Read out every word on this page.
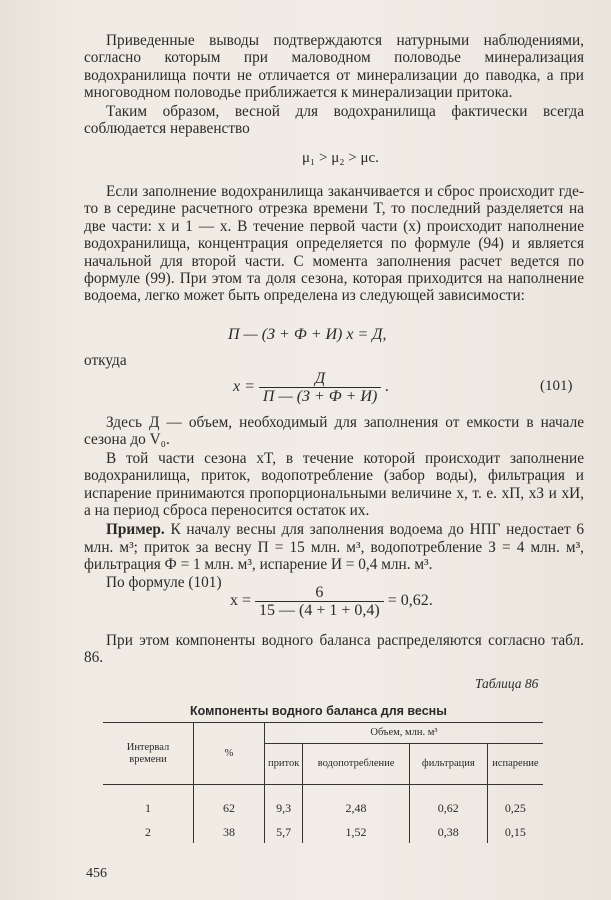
Приведенные выводы подтверждаются натурными наблюдениями, согласно которым при маловодном половодье минерализация водохранилища почти не отличается от минерализации до паводка, а при многоводном половодье приближается к минерализации притока.

Таким образом, весной для водохранилища фактически всегда соблюдается неравенство

μ₁ > μ₂ > μc.

Если заполнение водохранилища заканчивается и сброс происходит где-то в середине расчетного отрезка времени T, то последний разделяется на две части: x и 1 — x. В течение первой части (x) происходит наполнение водохранилища, концентрация определяется по формуле (94) и является начальной для второй части. С момента заполнения расчет ведется по формуле (99). При этом та доля сезона, которая приходится на наполнение водоема, легко может быть определена из следующей зависимости:

П — (З + Ф + И) x = Д,

откуда

$x = \frac{Д}{П — (З + Ф + И)}$ .	(101)

Здесь Д — объем, необходимый для заполнения от емкости в начале сезона до V₀.

В той части сезона xT, в течение которой происходит заполнение водохранилища, приток, водопотребление (забор воды), фильтрация и испарение принимаются пропорциональными величине x, т. е. xП, xЗ и xИ, а на период сброса переносится остаток их.

Пример. К началу весны для заполнения водоема до НПГ недостает 6 млн. м³; приток за весну П = 15 млн. м³, водопотребление З = 4 млн. м³, фильтрация Ф = 1 млн. м³, испарение И = 0,4 млн. м³.

По формуле (101)

$x = \frac{6}{15 — (4 + 1 + 0,4)} = 0,62$.

При этом компоненты водного баланса распределяются согласно табл. 86.

Таблица 86
Компоненты водного баланса для весны
Интервал времени	%	Объем, млн. м³			
		приток	водопотребление	фильтрация	испарение
1	62	9,3	2,48	0,62	0,25
2	38	5,7	1,52	0,38	0,15
456
